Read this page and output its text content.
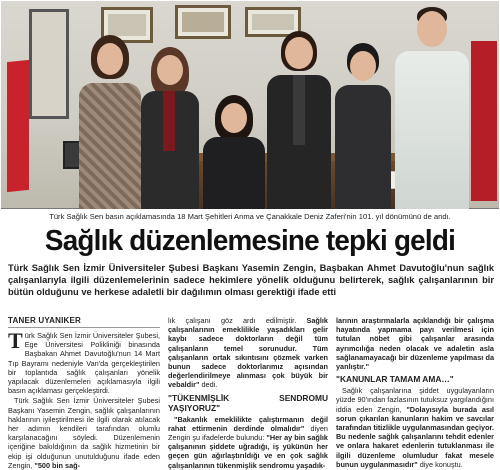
Türk Sağlık Sen basın açıklamasında 18 Mart Şehitleri Anma ve Çanakkale Deniz Zaferi'nin 101. yıl dönümünü de andı.
Sağlık düzenlemesine tepki geldi
Türk Sağlık Sen İzmir Üniversiteler Şubesi Başkanı Yasemin Zengin, Başbakan Ahmet Davutoğlu'nun sağlık çalışanlarıyla ilgili düzenlemelerinin sadece hekimlere yönelik olduğunu belirterek, sağlık çalışanlarının bir bütün olduğunu ve herkese adaletli bir dağılımın olması gerektiği ifade etti
TANER UYANIKER

Türk Sağlık Sen İzmir Üniversiteler Şubesi, Ege Üniversitesi Polikliniği binasında Başbakan Ahmet Davutoğlu'nun 14 Mart Tıp Bayramı nedeniyle Van'da gerçekleştirilen bir toplantıda sağlık çalışanları yönelik yapılacak düzenlemeleri açıklamasıyla ilgili basın açıklaması gerçekleştirdi.

Türk Sağlık Sen İzmir Üniversiteler Şubesi Başkanı Yasemin Zengin, sağlık çalışanlarının haklarının iyileştirilmesi ile ilgili olarak atılacak her adımın kendileri tarafından olumlu karşılanacağını söyledi. Düzenlemenin içeriğine bakıldığının da sağlık hizmetinin bir ekip işi olduğunun unutulduğunu ifade eden Zengin, "500 bin sağ-

lık çalışanı göz ardı edilmiştir. Sağlık çalışanlarının emeklilikle yaşadıkları gelir kaybı sadece doktorların değil tüm çalışanların temel sorunudur. Tüm çalışanların ortak sıkıntısını çözmek varken bunun sadece doktorlarımız açısından değerlendirilmeye alınması çok büyük bir vebaldir" dedi.

"TÜKENMİŞLİK SENDROMU YAŞIYORUZ"

"Bakanlık emeklilikte çalıştırmanın değil rahat ettirmenin derdinde olmalıdır" diyen Zengin şu ifadelerde bulundu: "Her ay bin sağlık çalışanının şiddete uğradığı, iş yükünün her geçen gün ağırlaştırıldığı ve en çok sağlık çalışanlarının tükenmişlik sendromu yaşadık-

larının araştırmalarla açıklandığı bir çalışma hayatında yapmama payı verilmesi için tutulan nöbet gibi çalışanlar arasında ayrımcılığa neden olacak ve adaletin asla sağlanamayacağı bir düzenleme yapılması da yanlıştır."

"KANUNLAR TAMAM AMA…"

Sağlık çalışanlarına şiddet uygulayanların yüzde 90'ından fazlasının tutuksuz yargılandığını iddia eden Zengin, "Dolayısıyla burada asıl sorun çıkarılan kanunların hakim ve savcılar tarafından titizlikle uygulanmasından geçiyor. Bu nedenle sağlık çalışanlarını tehdit edenler ve onlara hakaret edenlerin tutuklanması ile ilgili düzenleme olumludur fakat mesele bunun uygulanmasıdır" diye konuştu.
